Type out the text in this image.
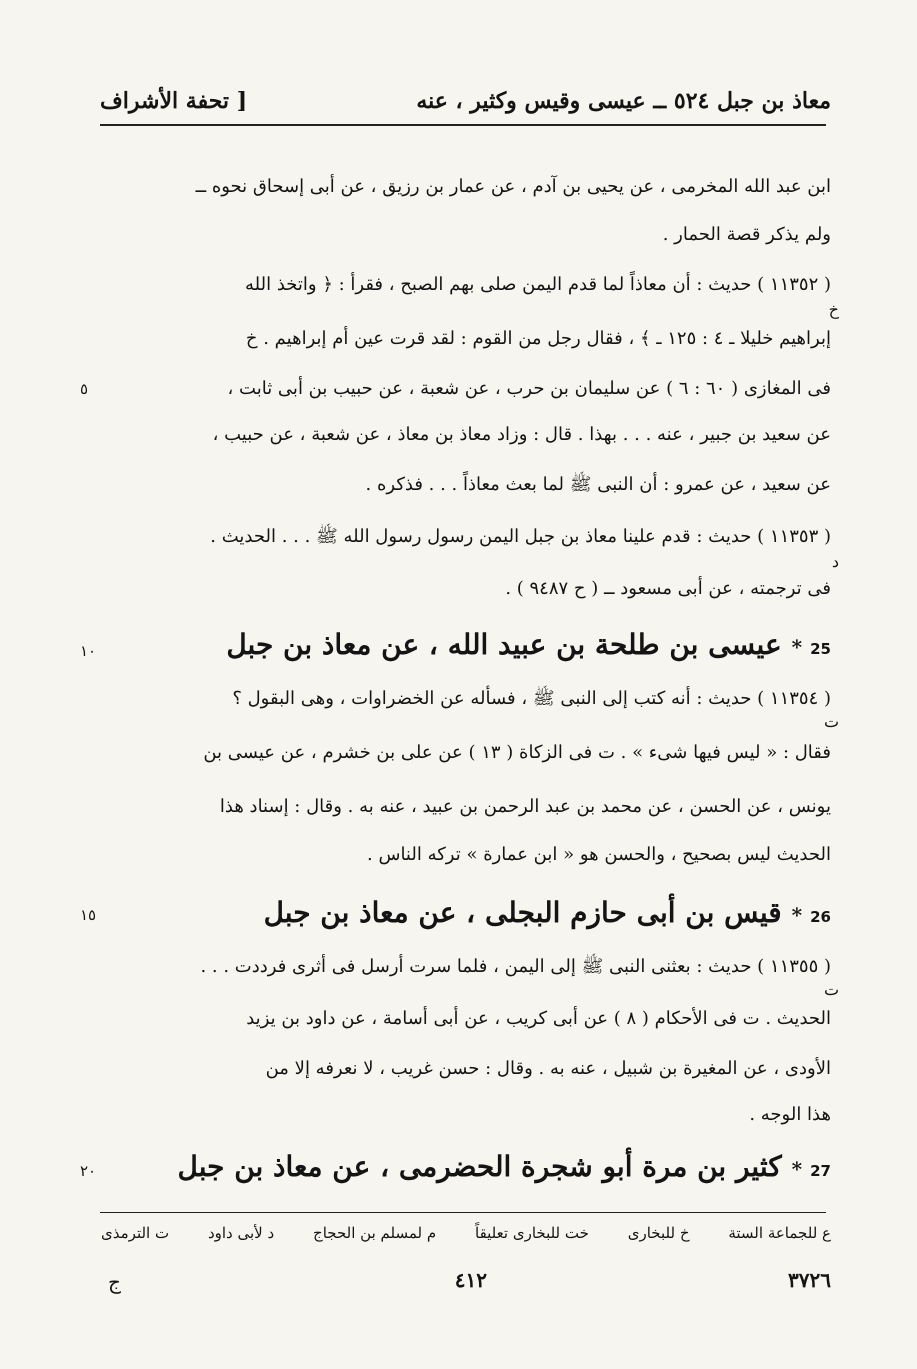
معاذ بن جبل ٥٢٤ ــ عيسى وقيس وكثير ، عنه
[ تحفة الأشراف
ابن عبد الله المخرمى ، عن يحيى بن آدم ، عن عمار بن رزيق ، عن أبى إسحاق نحوه ــ
ولم يذكر قصة الحمار .
( ١١٣٥٢ ) حديث : أن معاذاً لما قدم اليمن صلى بهم الصبح ، فقرأ : ﴿ واتخذ الله
خ
إبراهيم خليلا ـ ٤ : ١٢٥ ـ ﴾ ، فقال رجل من القوم : لقد قرت عين أم إبراهيم . خ
فى المغازى ( ٦٠ : ٦ ) عن سليمان بن حرب ، عن شعبة ، عن حبيب بن أبى ثابت ،
٥
عن سعيد بن جبير ، عنه . . . بهذا . قال : وزاد معاذ بن معاذ ، عن شعبة ، عن حبيب ،
عن سعيد ، عن عمرو : أن النبى ﷺ لما بعث معاذاً . . . فذكره .
( ١١٣٥٣ ) حديث : قدم علينا معاذ بن جبل اليمن رسول رسول الله ﷺ . . . الحديث .
د
فى ترجمته ، عن أبى مسعود ــ ( ح ٩٤٨٧ ) .
25*عيسى بن طلحة بن عبيد الله ، عن معاذ بن جبل
١٠
( ١١٣٥٤ ) حديث : أنه كتب إلى النبى ﷺ ، فسأله عن الخضراوات ، وهى البقول ؟
ت
فقال : « ليس فيها شىء » . ت فى الزكاة ( ١٣ ) عن على بن خشرم ، عن عيسى بن
يونس ، عن الحسن ، عن محمد بن عبد الرحمن بن عبيد ، عنه به . وقال : إسناد هذا
الحديث ليس بصحيح ، والحسن هو « ابن عمارة » تركه الناس .
26*قيس بن أبى حازم البجلى ، عن معاذ بن جبل
١٥
( ١١٣٥٥ ) حديث : بعثنى النبى ﷺ إلى اليمن ، فلما سرت أرسل فى أثرى فرددت . . .
ت
الحديث . ت فى الأحكام ( ٨ ) عن أبى كريب ، عن أبى أسامة ، عن داود بن يزيد
الأودى ، عن المغيرة بن شبيل ، عنه به . وقال : حسن غريب ، لا نعرفه إلا من
هذا الوجه .
27*كثير بن مرة أبو شجرة الحضرمى ، عن معاذ بن جبل
٢٠
ع للجماعة الستة
خ للبخارى
خت للبخارى تعليقاً
م لمسلم بن الحجاج
د لأبى داود
ت الترمذى
٣٧٢٦
٤١٢
ج
